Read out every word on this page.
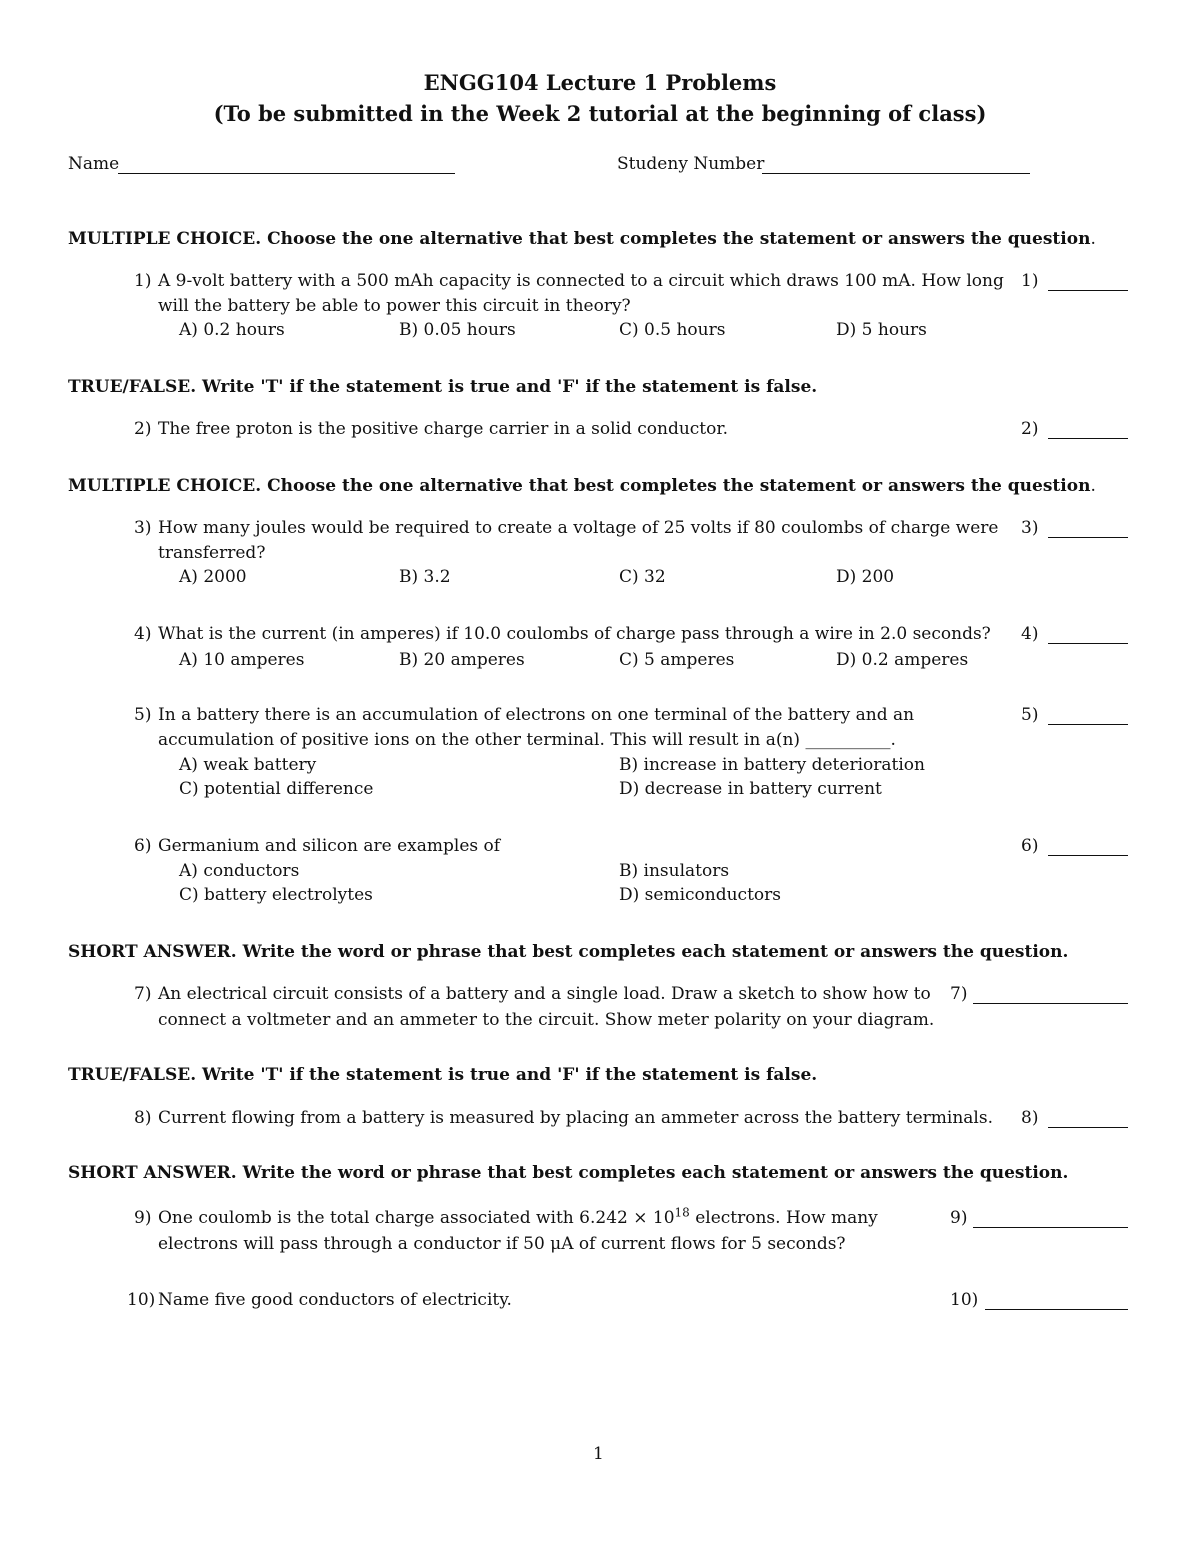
ENGG104 Lecture 1 Problems
(To be submitted in the Week 2 tutorial at the beginning of class)
Name	Studeny Number
MULTIPLE CHOICE. Choose the one alternative that best completes the statement or answers the question.
1) A 9-volt battery with a 500 mAh capacity is connected to a circuit which draws 100 mA. How long
will the battery be able to power this circuit in theory?
A) 0.2 hours	B) 0.05 hours	C) 0.5 hours	D) 5 hours
1)
TRUE/FALSE. Write 'T' if the statement is true and 'F' if the statement is false.
2) The free proton is the positive charge carrier in a solid conductor.	2)
MULTIPLE CHOICE. Choose the one alternative that best completes the statement or answers the question.
3) How many joules would be required to create a voltage of 25 volts if 80 coulombs of charge were
transferred?
A) 2000	B) 3.2	C) 32	D) 200
3)
4) What is the current (in amperes) if 10.0 coulombs of charge pass through a wire in 2.0 seconds?
A) 10 amperes	B) 20 amperes	C) 5 amperes	D) 0.2 amperes
4)
5) In a battery there is an accumulation of electrons on one terminal of the battery and an
accumulation of positive ions on the other terminal. This will result in a(n) __________.
A) weak battery	B) increase in battery deterioration
C) potential difference	D) decrease in battery current
5)
6) Germanium and silicon are examples of
A) conductors	B) insulators
C) battery electrolytes	D) semiconductors
6)
SHORT ANSWER. Write the word or phrase that best completes each statement or answers the question.
7) An electrical circuit consists of a battery and a single load. Draw a sketch to show how to
connect a voltmeter and an ammeter to the circuit. Show meter polarity on your diagram.
7)
TRUE/FALSE. Write 'T' if the statement is true and 'F' if the statement is false.
8) Current flowing from a battery is measured by placing an ammeter across the battery terminals. 8)
SHORT ANSWER. Write the word or phrase that best completes each statement or answers the question.
9) One coulomb is the total charge associated with $6.242 \times 10^{18}$ electrons. How many
electrons will pass through a conductor if 50 μA of current flows for 5 seconds?
9)
10) Name five good conductors of electricity.	10)
1
